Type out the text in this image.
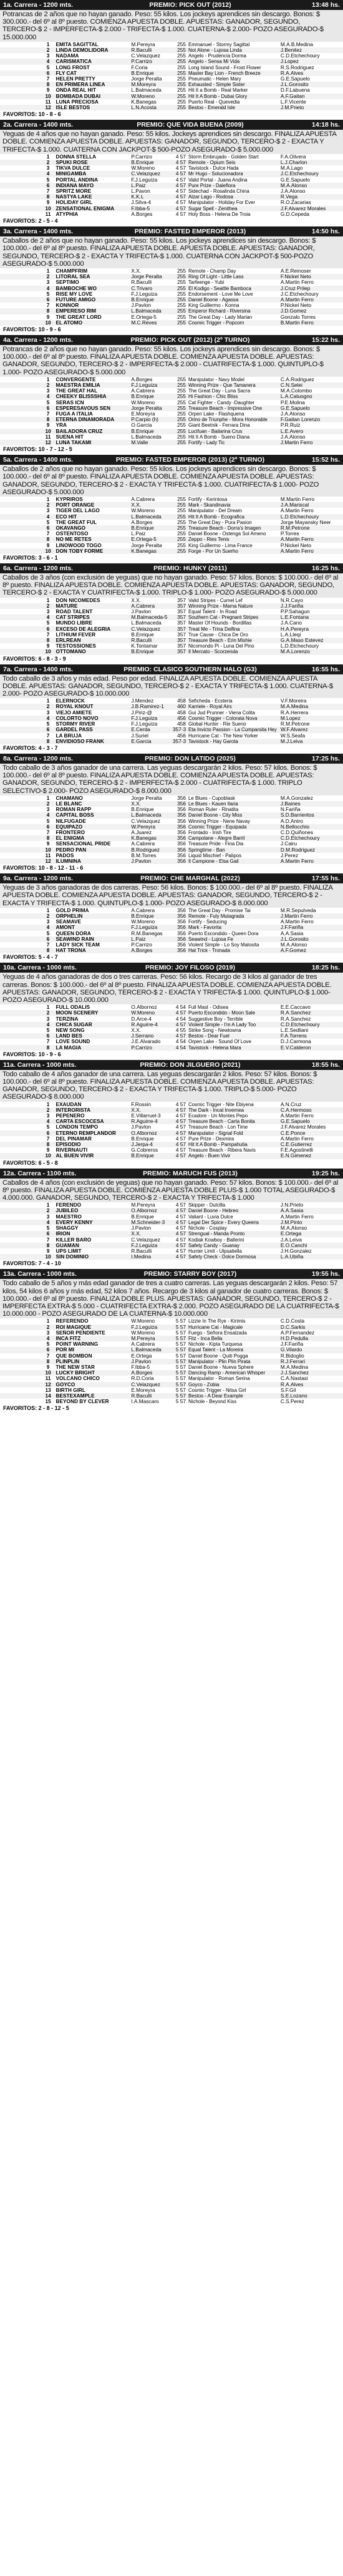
1a. Carrera - 1200 mts.	PREMIO: PICK OUT (2012)	13:48 hs.
Potrancas de 2 años que no hayan ganado. Peso: 55 kilos. Los jockeys aprendices sin descargo. Bonos: $ 300.000.- del 6º al 8º puesto. COMIENZA APUESTA DOBLE. APUESTAS: GANADOR, SEGUNDO, TERCERO-$ 2 - IMPERFECTA-$ 2.000 - TRIFECTA-$ 1.000. CUATERNA-$ 2.000- POZO ASEGURADO-$ 15.000.000
	1	EMITA SAGITTAL	M.Pereyra	255	Emmanuel - Stormy Sagittal	M.A.B.Medina
	2	LINDA DEMOLIDORA	R.Baculli	255	Not Alone - Lujosa Linda	J.Benitez
	3	NADAMA	C.Velazquez	255	Angelo - Prudencia Dorma	C.D.Etchechoury
	4	CARISMATICA	P.Carrizo	255	Angelo - Sensa Mi Vida	J.Lopez
	5	LONG FROST	F.Coria	255	Long Island Sound - Frost Flower	R.S.Rodriguez
	6	FLY CAT	B.Enrique	255	Master Bay Lion - French Breeze	R.A.Alves
	7	HELEN PRETTY	Jorge Peralta	255	Pneumatic - Helen Mary	G.E.Sapuelo
	8	EN PRIMERA LINEA	M.Moreyra	255	Exhausted - Simple Sister	J.L.Gorosito
	9	ONDA REAL HIT	L.Balmaceda	255	Hit It a Bomb - Real Marker	D.F.Labuena
	10	BOMBADA DUBAI	W.Moreno	255	Hit It A Bomb - Dubai Glory	A.F.Gaitan
	11	LUNA PRECIOSA	K.Banegas	255	Puerto Real - Quevedia	L.F.Vicente
	12	ISLE BESTOS	L.N.Acosta	255	Bestos - Emerald Isle	J.M.Prieto
FAVORITOS: 10 - 8 - 6
2a. Carrera - 1400 mts.	PREMIO: QUE VIDA BUENA (2009)	14:18 hs.
Yeguas de 4 años que no hayan ganado. Peso: 55 kilos. Jockeys aprendices sin descargo. FINALIZA APUESTA DOBLE. COMIENZA APUESTA DOBLE. APUESTAS: GANADOR, SEGUNDO, TERCERO-$ 2 - EXACTA Y TRIFECTA-$ 1.000. CUATERNA CON JACKPOT-$ 500-POZO ASEGURADO-$ 5.000.000
	1	DONNA STELLA	P.Carrizo	4 57	Storm Embrujado - Golden Start	F.A.Olivera
	2	SPUKI ROSE	B.Enrique	4 57	Remote - Opium Seis	L.J.Charlon
	3	TIKVA DULCE	W.Moreno	4 57	Tavistock - Dulce Hada	M.A.Lago
	4	MINIGAMBA	C.Velazquez	4 57	Mr Hugo - Solucionadora	J.C.Etchechoury
	5	PORTAL ANDINA	F.J.Leguiza	4 57	Valid Portal - Juana Andina	G.E.Sapuelo
	6	INDIANA MAYO	L.Paiz	4 57	Pure Prize - Daleflora	M.A.Alonso
	7	SPRITZ MORE	L.Pavon	4 57	Sidechad - Rosalinda China	J.A.Alonso
	8	NASTYA LAKE	K.K.L	4 57	Alzar Lago - Rodosa	R.Vega
	9	HOLIDAY GIRL	J.Silva-4	4 57	Manipulator - Holiday For Ever	R.O.Zacarias
	10	ZENSATIONAL ENIGMA	F.Ibba-5	4 57	Sugar Spell - Zenithea	J.F.Alvarez Morales
	11	ATYPHIA	A.Borges	4 57	Holy Boss - Helena De Troia	G.D.Cepeda
FAVORITOS: 2 - 5 - 4
3a. Carrera - 1400 mts.	PREMIO: FASTED EMPEROR (2013)	14:50 hs.
Caballos de 2 años que no hayan ganado. Peso: 55 kilos. Los jockeys aprendices sin descargo. Bonos: $ 100.000.- del 6º al 8º puesto. FINALIZA APUESTA DOBLE. APUESTA DOBLE. APUESTAS: GANADOR, SEGUNDO, TERCERO-$ 2 - EXACTA Y TRIFECTA-$ 1.000. CUATERNA CON JACKPOT-$ 500-POZO ASEGURADO-$ 5.000.000
	1	CHAMPFRIM	X.X.	255	Remote - Champ Day	A.E.Reinoser
	2	LITORAL SEA	Jorge Peralta	255	Ring Of Light - Little Lass	F.Nickel Neto
	3	SEPTIMO	R.Baculli	255	Tarfeenge - Yubi	A.Martin Ferro
	4	BAMBOCHE WO	C.Trivaro	255	El Kodigo - Seattle Bamboca	J.Cruz Prilep
	5	RISE MY LOVE	F.J.Leguiza	255	Endorsement - Love Me Love	J.C.Etchechoury
	6	FUTURE AMIGO	B.Enrique	255	Daniel Boone - Agassa	A.Martin Ferro
	7	KONNOR	J.Pavlon	255	King Guillermo - Konna	P.Nickel Neto
	8	EMPERESO RIM	L.Balmaceda	255	Emperor Richard - Riversina	J.D.Gomez
	9	THE GREAT LORD	E.Ortega-5	255	The Great Day - Lady Marian	Gonzalo Torres
	10	EL ATOMO	M.C.Reves	255	Cosmic Trigger - Popcorn	B.Martin Ferro
FAVORITOS: 10 - 9 - 6
4a. Carrera - 1200 mts.	PREMIO: PICK OUT (2012) (2º TURNO)	15:22 hs.
Potrancas de 2 años que no hayan ganado. Peso: 55 kilos. Los jockeys aprendices sin descargo. Bonos: $ 100.000.- del 6º al 8º puesto. FINALIZA APUESTA DOBLE. COMIENZA APUESTA DOBLE. APUESTAS: GANADOR, SEGUNDO, TERCERO-$ 2 - IMPERFECTA-$ 2.000 - CUATRIFECTA-$ 1.000. QUINTUPLO-$ 1.000- POZO ASEGURADO-$ 5.000.000
	1	CONVERGENTE	A.Borges	255	Manipulator - Navy Model	C.A.Rodriguez
	2	MAESTRA EMILIA	F.J.Leguiza	255	Winning Prize - Que Tamanera	C.N.Selei
	3	THE GREAT HAL	A.Cabrera	255	The Great Day - Luna Sacra	M.A.Colombo
	4	CHEEKY BLISSSHIA	B.Enrique	255	Hi Fashion - Chic Bliss	L.A.Catuogno
	5	SERAS ICN	W.Moreno	255	Cat Fighter - Candy -Daughter	P.E.Molina
	6	ESPERESAVOUS SEN	Jorge Peralta	255	Treasure Beach - Impressive One	G.E.Sapuelo
	7	FUGA A ITALIA	E.Moreyra	255	Orpen Lake - Flashquena	J.A.Alonso
	8	ETERNA DINAMORADA	P.Carpio (h)	255	Orino de Triunphe - Mora Honorable	F.Gaitan Lorenzo
	9	YRA	O.Garcia	255	Giant Beetnik - Ferrara Dina	P.R.Ruiz
	10	BAILADORA CRUZ	B.Enrique	255	Lucifuan - Bailarina Crus	L.E.Avero
	11	SUENA HIT	L.Balmaceda	255	Hit It A Bomb - Sueno Diana	J.A.Alonso
	12	LUNA TAKAMI	M.Valle	255	Fortify - Lady Tic	J.Martin Ferro
FAVORITOS: 10 - 7 - 12 - 5
5a. Carrera - 1400 mts.	PREMIO: FASTED EMPEROR (2013) (2º TURNO)	15:52 hs.
Caballos de 2 años que no hayan ganado. Peso: 55 kilos. Los jockeys aprendices sin descargo. Bonos: $ 100.000.- del 6º al 8º puesto. FINALIZA APUESTA DOBLE. COMIENZA APUESTA DOBLE. APUESTAS: GANADOR, SEGUNDO, TERCERO-$ 2 - EXACTA Y TRIFECTA-$ 1.000. CUATRIFECTA-$ 1.000- POZO ASEGURADO-$ 5.000.000
	1	KYPRIROS	A.Cabrera	255	Fortify - Kerintosa	M.Martin Ferro
	2	PORT ORANGE	X.X.	255	Mark - Skandinavia	J.A.Mariscal
	3	TIGER DEL LAGO	W.Moreno	255	Manipulator - Del Dream	A.Martin Ferro
	4	ECO HIT	L.Balmaceda	255	Hit It A Bomb - Ecografica	L.D.Etchechoury
	5	THE GREAT FUL	A.Borges	255	The Great Day - Pura Pasion	Jorge Mayansky Neer
	6	OKAVANGO	B.Enrique	255	Treasure Beach - Dorra's Imagen	R.M.Petrone
	7	OSTENTOSO	L.Paiz	255	Daniel Boone - Ostenga Sol Ameno	P.Torres
	8	NO ME RETES	E.Ortega-5	255	Zeppo - Ries Tenis	A.Martin Ferro
	9	LINOWOOD TOGO	Jorge Peralta	255	King Guillermo - Lima France	P.Nickel Neto
	10	DON TOBY FORME	K.Banegas	255	Forge - Por Un Suerho	A.Martin Ferro
FAVORITOS: 3 - 6 - 1
6a. Carrera - 1200 mts.	PREMIO: HUNKY (2011)	16:25 hs.
Caballos de 3 años (con exclusión de yeguas) que no hayan ganado. Peso: 57 kilos. Bonos: $ 100.000.- del 6º al 8º puesto. FINALIZA APUESTA DOBLE. COMIENZA APUESTA DOBLE. APUESTAS: GANADOR, SEGUNDO, TERCERO-$ 2 - EXACTA Y CUATRIFECTA-$ 1.000. TRIPLO-$ 1.000- POZO ASEGURADO-$ 5.000.000
	1	DON NICOMEDES	X.X.	357	Valid Stripes - Cumel Lef	N.R.Cayo
	2	MATURE	A.Cabrera	357	Winning Prize - Mama Nature	J.J.Fariña
	3	ROAD TALENT	J.Pavlon	357	Equal Talent - In Road	P.P.Sahagun
	4	CAT STRIPES	M.Balmaceda-5	357	Southern Cat - Pregnant Stripes	L.E.Fontana
	5	MUNDO LIBRE	L.Balmaceda	357	Master Of Hounds - Bordillas	J.A.Cano
	6	EXCESO DE ALEGRIA	C.Velazquez	357	Treat Me - Trina Delfina	H.A.Pereyra
	7	LITHIUM FEVER	B.Enrique	357	True Cause - Chica De Oro	L.A.Lleqi
	8	ERLREAN	R.Baculli	357	Treasure Beach - Erin Mishie	G.A.Maso Estevez
	9	TESTOSSIONES	K.Tontamar	357	Nicomondo Pi - Luna Del Pino	L.D.Etchechoury
	10	OTTOMANO	B.Enrique	357	Il Mercato - Scorzenda	M.A.Lorenzo
FAVORITOS: 6 - 8 - 3 - 9
7a. Carrera - 1400 mts.	PREMIO: CLASICO SOUTHERN HALO (G3)	16:55 hs.
Todo caballo de 3 años y más edad. Peso por edad. FINALIZA APUESTA DOBLE. COMIENZA APUESTA DOBLE. APUESTAS: GANADOR, SEGUNDO, TERCERO-$ 2 - EXACTA Y TRIFECTA-$ 1.000. CUATERNA-$ 2.000- POZO ASEGURADO-$ 10.000.000
	1	ELERNOCK	J.Mendez	458	Seficheda - Ecsteria	V.F.Moreira
	2	ROYAL KNOUT	J.B.Ramirez-1	460	Karriele - Royal Airs	M.A.Medina
	3	VIEJO AMIETE	J.Piriz-@	458	Gui Jud Prunner - Viena Colita	R.A.Herrera
	4	COLORTO NOVO	F.J.Leguiza	456	Cosmic Trigger - Colorata Nova	M.Lopez
	5	STORMY RIVER	F.J.Leguiza	458	Global Hunter - Rie Sueno	R.M.Petrone
	6	GARDEL PASS	E.Cerda	357-3	Eta Invicto Passion - La Cumparsita Hey	W.F.Alvarez
	7	LA BRUJA	J.Suriel	456	Hurricane Cat - The New Yorker	W.S.Seafa
	8	ENVIDIOSO FRANK	E.Garcia	357-3	Tavistock - Hay Garota	M.J.Leiva
FAVORITOS: 4 - 3 - 7
8a. Carrera - 1200 mts.	PREMIO: DON LATIDO (2025)	17:25 hs.
Todo caballo de 3 años ganador de una carrera. Las yeguas descargarán 2 kilos. Peso: 57 kilos. Bonos: $ 100.000.- del 6º al 8º puesto. FINALIZA APUESTA DOBLE. COMIENZA APUESTA DOBLE. APUESTAS: GANADOR, SEGUNDO, TERCERO-$ 2 - IMPERFECTA-$ 2.000 - CUATRIFECTA-$ 1.000. TRIPLO SELECTIVO-$ 2.000- POZO ASEGURADO-$ 8.000.000
	1	CHAMANO	Jorge Peralta	356	Le Blues - Cupoblask	M.A.Gonzalez
	2	LE BLANC	X.X.	356	Le Blues - Kauen Ilaria	J.Baines
	3	ROMAN RAPP	B.Enrique	356	Roman Ruler - Rinatita	N.Fariña
	4	CAPITAL BOSS	L.Balmaceda	356	Daniel Boone - City Miss	S.D.Barrientos
	5	NILFUGADE	C.Velazquez	356	Winning Prize - Nene Navay	A.D.Antro
	6	EQUIPAZO	W.Pereyra	356	Cosmic Trigger - Equipada	N.Bellocchio
	7	FRONTERO	A.Juarez	356	Frontado - Irish Tire	C.D.Quiñones
	8	EL ENIGMA	K.Banegas	356	Campolane - Alegre Barril	C.D.Etchechoury
	9	SENSACIONAL PRIDE	A.Cabrera	356	Treasure Pride - Fina Dia	J.Cairu
	10	PEDRO PAN	B.Rodriguez	356	Springtime - Ban	D.M.Rodriguez
	11	PADOS	B.M.Torres	356	Liquid Mischief - Palipos	J.Perez
	12	ILUMNINA	J.Pavlon	356	Il Campione - Elsa Gail	A.Martin Ferro
FAVORITOS: 10 - 8 - 12 - 11 - 6
9a. Carrera - 1200 mts.	PREMIO: CHE MARGHAL (2022)	17:55 hs.
Yeguas de 3 años ganadoras de dos carreras. Peso: 56 kilos. Bonos: $ 100.000.- del 6º al 8º puesto. FINALIZA APUESTA DOBLE. COMIENZA APUESTA DOBLE. APUESTAS: GANADOR, SEGUNDO, TERCERO-$ 2 - EXACTA Y TRIFECTA-$ 1.000. QUINTUPLO-$ 1.000- POZO ASEGURADO-$ 8.000.000
	1	GOLD PRIMA	A.Cabrera	356	The Great Day - Promise Tai	M.R.Sepulveda
	2	ORPHELIN	B.Enrique	356	Remote - Fuly Mutagrada	J.Martin Ferro
	3	SEAMAVE	W.Moreno	356	Fortify - Seducing	A.Martin Ferro
	4	AMONT	F.J.Leguiza	356	Mark - Favorita	J.F.Fariña
	5	QUEEN DORA	R.M.Banegas	356	Puerto Escondido - Queen Dora	A.A.Sasia
	6	SEAWIND RAIN	L.Paiz	356	Seawind - Lujosa Fe	J.L.Gorosito
	7	LADY SICK TEAM	P.Carrizo	356	Violent Simple - Lo Soy Malosita	M.A.Alonso
	8	HAT TRONA	A.Borges	356	Hat Trick - Tronada	A.F.Gomez
FAVORITOS: 5 - 4 - 7
10a. Carrera - 1000 mts.	PREMIO: JOY FILOSO (2019)	18:25 hs.
Yeguas de 4 años ganadoras de dos o tres carreras. Peso: 56 kilos. Recargo de 3 kilos al ganador de tres carreras. Bonos: $ 100.000.- del 6º al 8º puesto. FINALIZA APUESTA DOBLE. COMIENZA APUESTA DOBLE. APUESTAS: GANADOR, SEGUNDO, TERCERO-$ 2 - EXACTA Y TRIFECTA-$ 1.000. QUINTUPLO-$ 1.000- POZO ASEGURADO-$ 10.000.000
	1	FULL ODALIS	O.Albornoz	4 54	Full Mast - Odisea	E.E.Caccavo
	2	MOON SCENERY	W.Moreno	4 57	Puerto Escondido - Moon Sale	R.A.Sanchez
	3	TERZINA	D.Arce-4	4 54	Suggestive Boy - Terrible	R.A.Sanchez
	4	CHICA SUGAR	R.Aguirre-4	4 57	Violent Simple - I'm A Lady Too	C.D.Etchechoury
	5	NEW SONG	X.X.	4 55	Strike Song - Newtowna	L.E.Sedliani
	6	LAND BES	J.Serrano	4 57	Bestos - Dear Fuel	F.A.Torrens
	7	LOVE SOUND	J.E.Alvarado	4 54	Orpen Lake - Sound Of Love	D.J.Carmona
	8	LA MAGIA	P.Carrizo	4 54	Tavistock - Helena Mara	E.V.Calderon
FAVORITOS: 10 - 9 - 6
11a. Carrera - 1000 mts.	PREMIO: DON JILGUERO (2021)	18:55 hs.
Todo caballo de 4 años ganador de una carrera. Las yeguas descargarán 2 kilos. Peso: 57 kilos. Bonos: $ 100.000.- del 6º al 8º puesto. FINALIZA APUESTA DOBLE. COMIENZA APUESTA DOBLE. APUESTAS: GANADOR, SEGUNDO, TERCERO-$ 2 - EXACTA Y TRIFECTA-$ 1.000. TRIPLO-$ 5.000- POZO ASEGURADO-$ 8.000.000
	1	EXAUDAN	F.Rossin	4 57	Cosmic Trigger - Nite Ebiyena	A.N.Cruz
	2	INTERORISTA	X.X.	4 57	The Dark - Incal Invernea	C.A.Hermoso
	3	PEPENERO	E.Villarruel-3	4 57	Ecadore - Un Montes Pepo	A.Martin Ferro
	4	CARTA ESCOCESA	R.Aguirre-4	4 57	Treasure Beach - Carta Bonita	G.E.Sapuelo
	5	LONDON TEMPO	J.Pavlon	4 57	Treasure Beach - Lon Time	J.F.Alvarez Morales
	6	ETERNO REMPLANDOR	O.Albornoz	4 57	Manipulator - Signal Fold	C.E.Ponce
	7	DEL PINAMAR	B.Enrique	4 57	Pure Prize - Dexmira	A.Martin Ferro
	8	EPISODIO	J.Jerpa-4	4 57	Hit It A Bomb - Pampahutia	C.E.Gutierrez
	9	RIVERNAUTI	G.Cobreros	4 57	Treasure Beach - Ribera Navis	F.E.Agostinelli
	10	AL BUEN VIVIR	B.Enrique	4 57	Angelo - Buen Vivir	E.N.Gimenez
FAVORITOS: 6 - 5 - 8
12a. Carrera - 1100 mts.	PREMIO: MARUCH FUS (2013)	19:25 hs.
Caballos de 4 años (con exclusión de yeguas) que no hayan ganado. Peso: 57 kilos. Bonos: $ 100.000.- del 6º al 8º puesto. FINALIZA APUESTA DOBLE. COMIENZA APUESTA DOBLE PLUS-$ 1.000 TOTAL ASEGURADO-$ 4.000.000. GANADOR, SEGUNDO, TERCERO-$ 2 - EXACTA Y TRIFECTA-$ 1.000
	1	FERENDO	M.Pereyra	4 57	Skipper - Dulcilla	J.N.Prieto
	2	JUBILEO	O.Albornoz	4 57	Daniel Boone - Hebreo	A.A.Sasia
	3	MAESTRO	B.Enrique	4 57	Valiant - Luvia Dulce	A.Martin Ferro
	4	EVERY KENNY	M.Schneider-3	4 57	Legal Der Spice - Every Queens	J.M.Pinto
	5	SHAGGY	J.Pavlon	4 57	Nichole - Cosplay	M.A.Alonso
	6	IRION	X.X.	4 57	Strengual - Manda Pronto	E.Ortega
	7	KILLER BARO	C.Velazquez	4 57	Kodiak Kowboy - Ballerini	J.A.Leiva
	8	GUAMAN	F.J.Leguiza	4 57	Safety Candy - Guanay	E.O.Canchi
	9	UPS LIMIT	R.Baculli	4 57	Hunter Limit - Ulpsatiella	J.H.Gonzalez
	10	SIN DOMINIO	I.Medina	4 57	Safety Check - Dolce Dormosa	L.A.Ubiña
FAVORITOS: 7 - 4 - 10
13a. Carrera - 1000 mts.	PREMIO: STARRY BOY (2017)	19:55 hs.
Todo caballo de 5 años y más edad ganador de tres a cuatro carreras. Las yeguas descargarán 2 kilos. Peso: 57 kilos, 54 kilos 6 años y más edad, 52 kilos 7 años. Recargo de 3 kilos al ganador de cuatro carreras. Bonos: $ 100.000.- del 6º al 8º puesto. FINALIZA DOBLE PLUS. APUESTAS: GANADOR, SEGUNDO, TERCERO-$ 2 - IMPERFECTA EXTRA-$ 5.000 - CUATRIFECTA EXTRA-$ 2.000. POZO ASEGURADO DE LA CUATRIFECTA-$ 10.000.000 - POZO ASEGURADO DE LA CUATERNA-$ 10.000.000
	1	REFERENDO	W.Moreno	5 57	Lizzie In The Rye - Kirimis	C.D.Costa
	2	ROI MAGIQUE	F.J.Leguiza	5 57	Hurricane Cat - Magicale	D.C.Sarkis
	3	SEÑOR PENDIENTE	W.Moreno	5 57	Fuego - Señora Ensalzada	A.P.Fernandez
	4	INCA FITZ	M.Pereyra	5 57	Fitz - Inca Bella	H.D.Pedulla
	5	POINT WARNING	A.Cabrera	5 57	Nichole - Kipta Turquesa	J.F.Fariña
	6	POR MI	L.Balmaceda	5 57	Equal Talent - La Moreira	G.Vilardo
	7	QUE BOMBON	E.Ortega	5 57	Daniel Boone - Quiti Pogga	R.Bidoglio
	8	PLINPLIN	J.Pavlon	5 57	Manipulator - Plin Plin Pirata	R.J.Ferrari
	9	THE NEW STAR	F.Ibba-5	5 57	Daniel Boone - Nueva Sphere	M.A.Medina
	10	LUCKY BRIGHT	A.Borges	5 57	Dancing Ramp - American Whisper	J.J.Sanchez
	11	VOLCANO CHICO	R.D.Coria	5 57	Manipulator - Roman Serina	C.A.Nastasi
	12	GOYCO	C.Velazquez	5 57	Goyco - Zobia	R.A.Alves
	13	BIRTH GIRL	E.Moreyra	5 57	Cosmic Trigger - Nitsa Girl	S.F.Gil
	14	BESTEXAMPLE	R.Baculli	5 57	Bestos - A Dear Example	S.E.Lozano
	15	BEYOND BY CLEVER	I.A.Mascaro	5 57	Nichole - Beyond Kiss	C.S.Perez
FAVORITOS: 2 - 8 - 12 - 5
